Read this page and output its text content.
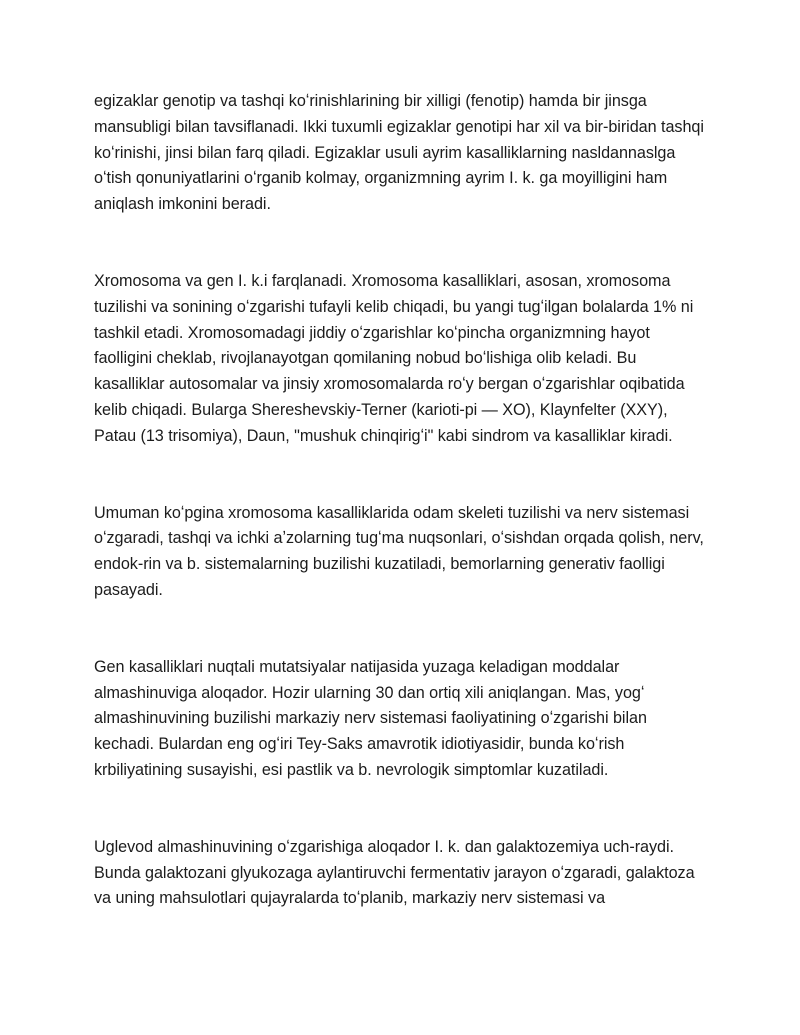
egizaklar genotip va tashqi koʻrinishlarining bir xilligi (fenotip) hamda bir jinsga mansubligi bilan tavsiflanadi. Ikki tuxumli egizaklar genotipi har xil va bir-biridan tashqi koʻrinishi, jinsi bilan farq qiladi. Egizaklar usuli ayrim kasalliklarning nasldannaslga oʻtish qonuniyatlarini oʻrganib kolmay, organizmning ayrim I. k. ga moyilligini ham aniqlash imkonini beradi.

Xromosoma va gen I. k.i farqlanadi. Xromosoma kasalliklari, asosan, xromosoma tuzilishi va sonining oʻzgarishi tufayli kelib chiqadi, bu yangi tugʻilgan bolalarda 1% ni tashkil etadi. Xromosomadagi jiddiy oʻzgarishlar koʻpincha organizmning hayot faolligini cheklab, rivojlanayotgan qomilaning nobud boʻlishiga olib keladi. Bu kasalliklar autosomalar va jinsiy xromosomalarda roʻy bergan oʻzgarishlar oqibatida kelib chiqadi. Bularga Shereshevskiy-Terner (karioti-pi — XO), Klaynfelter (XXY), Patau (13 trisomiya), Daun, "mushuk chinqirigʻi" kabi sindrom va kasalliklar kiradi.

Umuman koʻpgina xromosoma kasalliklarida odam skeleti tuzilishi va nerv sistemasi oʻzgaradi, tashqi va ichki aʼzolarning tugʻma nuqsonlari, oʻsishdan orqada qolish, nerv, endok-rin va b. sistemalarning buzilishi kuzatiladi, bemorlarning generativ faolligi pasayadi.

Gen kasalliklari nuqtali mutatsiyalar natijasida yuzaga keladigan moddalar almashinuviga aloqador. Hozir ularning 30 dan ortiq xili aniqlangan. Mas, yogʻ almashinuvining buzilishi markaziy nerv sistemasi faoliyatining oʻzgarishi bilan kechadi. Bulardan eng ogʻiri Tey-Saks amavrotik idiotiyasidir, bunda koʻrish krbiliyatining susayishi, esi pastlik va b. nevrologik simptomlar kuzatiladi.

Uglevod almashinuvining oʻzgarishiga aloqador I. k. dan galaktozemiya uch-raydi. Bunda galaktozani glyukozaga aylantiruvchi fermentativ jarayon oʻzgaradi, galaktoza va uning mahsulotlari qujayralarda toʻplanib, markaziy nerv sistemasi va
